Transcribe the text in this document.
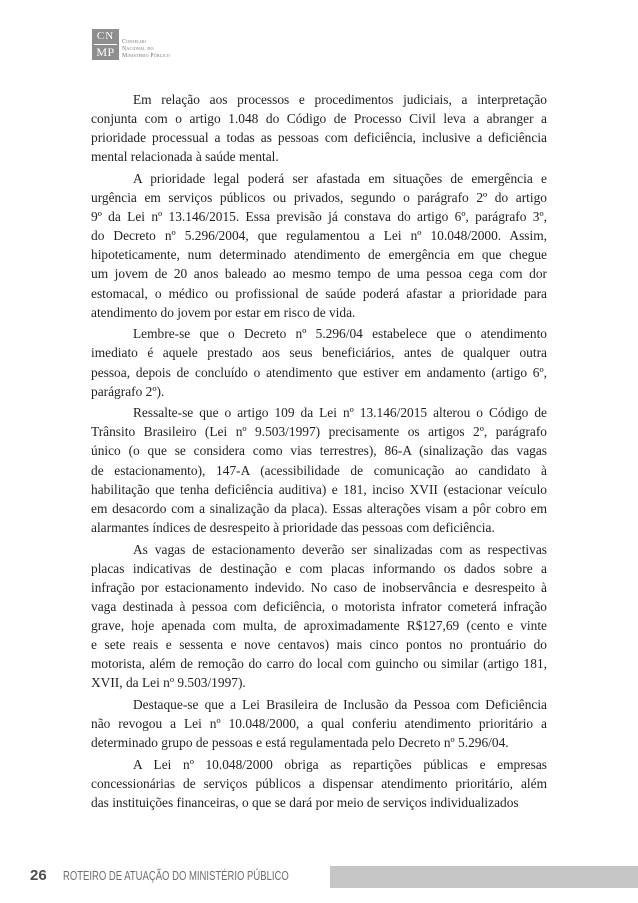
CN
MP
Conselho
Nacional do
Ministério Público
Em relação aos processos e procedimentos judiciais, a interpretação
conjunta com o artigo 1.048 do Código de Processo Civil leva a abranger a
prioridade processual a todas as pessoas com deficiência, inclusive a deficiência
mental relacionada à saúde mental.
A prioridade legal poderá ser afastada em situações de emergência e
urgência em serviços públicos ou privados, segundo o parágrafo 2º do artigo
9º da Lei nº 13.146/2015. Essa previsão já constava do artigo 6º, parágrafo 3º,
do Decreto nº 5.296/2004, que regulamentou a Lei nº 10.048/2000. Assim,
hipoteticamente, num determinado atendimento de emergência em que chegue
um jovem de 20 anos baleado ao mesmo tempo de uma pessoa cega com dor
estomacal, o médico ou profissional de saúde poderá afastar a prioridade para
atendimento do jovem por estar em risco de vida.
Lembre-se que o Decreto nº 5.296/04 estabelece que o atendimento
imediato é aquele prestado aos seus beneficiários, antes de qualquer outra
pessoa, depois de concluído o atendimento que estiver em andamento (artigo 6º,
parágrafo 2º).
Ressalte-se que o artigo 109 da Lei nº 13.146/2015 alterou o Código de
Trânsito Brasileiro (Lei nº 9.503/1997) precisamente os artigos 2º, parágrafo
único (o que se considera como vias terrestres), 86-A (sinalização das vagas
de estacionamento), 147-A (acessibilidade de comunicação ao candidato à
habilitação que tenha deficiência auditiva) e 181, inciso XVII (estacionar veículo
em desacordo com a sinalização da placa). Essas alterações visam a pôr cobro em
alarmantes índices de desrespeito à prioridade das pessoas com deficiência.
As vagas de estacionamento deverão ser sinalizadas com as respectivas
placas indicativas de destinação e com placas informando os dados sobre a
infração por estacionamento indevido. No caso de inobservância e desrespeito à
vaga destinada à pessoa com deficiência, o motorista infrator cometerá infração
grave, hoje apenada com multa, de aproximadamente R$127,69 (cento e vinte
e sete reais e sessenta e nove centavos) mais cinco pontos no prontuário do
motorista, além de remoção do carro do local com guincho ou similar (artigo 181,
XVII, da Lei nº 9.503/1997).
Destaque-se que a Lei Brasileira de Inclusão da Pessoa com Deficiência
não revogou a Lei nº 10.048/2000, a qual conferiu atendimento prioritário a
determinado grupo de pessoas e está regulamentada pelo Decreto nº 5.296/04.
A Lei nº 10.048/2000 obriga as repartições públicas e empresas
concessionárias de serviços públicos a dispensar atendimento prioritário, além
das instituições financeiras, o que se dará por meio de serviços individualizados
26 ROTEIRO DE ATUAÇÃO DO MINISTÉRIO PÚBLICO
